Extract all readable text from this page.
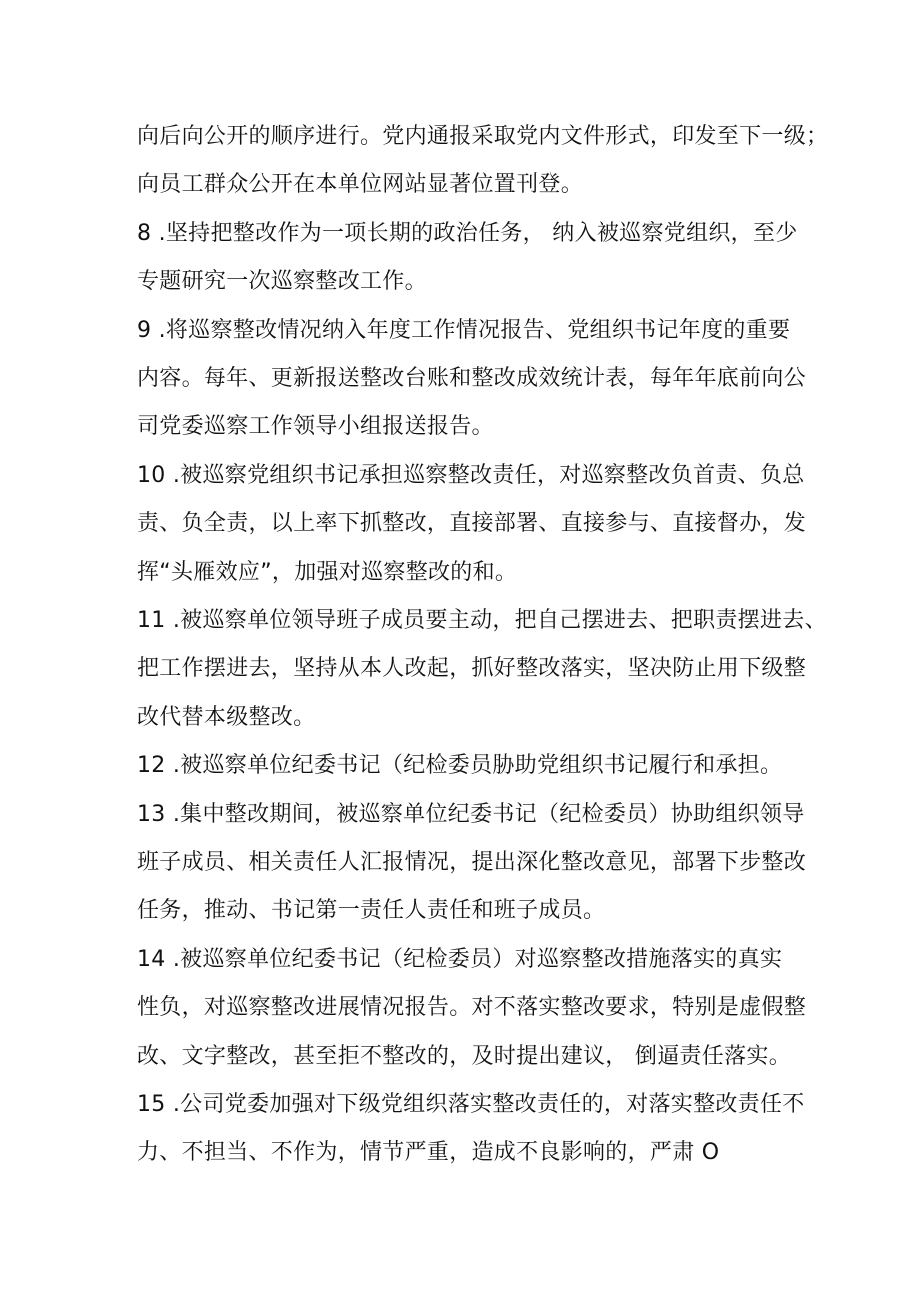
向后向公开的顺序进行。党内通报采取党内文件形式，印发至下一级；
向员工群众公开在本单位网站显著位置刊登。
8 .坚持把整改作为一项长期的政治任务， 纳入被巡察党组织，至少
专题研究一次巡察整改工作。
9 .将巡察整改情况纳入年度工作情况报告、党组织书记年度的重要
内容。每年、更新报送整改台账和整改成效统计表，每年年底前向公
司党委巡察工作领导小组报送报告。
10 .被巡察党组织书记承担巡察整改责任，对巡察整改负首责、负总
责、负全责，以上率下抓整改，直接部署、直接参与、直接督办，发
挥“头雁效应”，加强对巡察整改的和。
11 .被巡察单位领导班子成员要主动，把自己摆进去、把职责摆进去、
把工作摆进去，坚持从本人改起，抓好整改落实，坚决防止用下级整
改代替本级整改。
12 .被巡察单位纪委书记（纪检委员胁助党组织书记履行和承担。
13 .集中整改期间，被巡察单位纪委书记（纪检委员）协助组织领导
班子成员、相关责任人汇报情况，提出深化整改意见，部署下步整改
任务，推动、书记第一责任人责任和班子成员。
14 .被巡察单位纪委书记（纪检委员）对巡察整改措施落实的真实
性负，对巡察整改进展情况报告。对不落实整改要求，特别是虚假整
改、文字整改，甚至拒不整改的，及时提出建议， 倒逼责任落实。
15 .公司党委加强对下级党组织落实整改责任的，对落实整改责任不
力、不担当、不作为，情节严重，造成不良影响的，严肃 O
